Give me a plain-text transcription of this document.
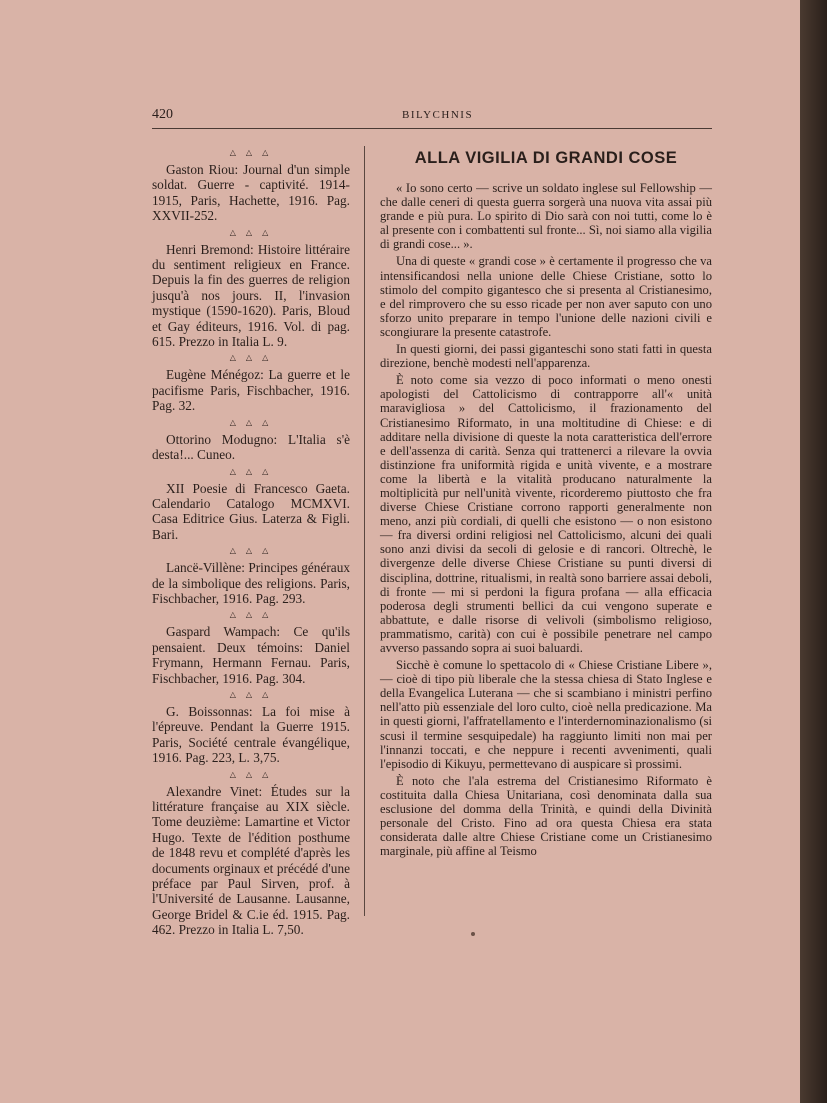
420	BILYCHNIS
△ △ △

Gaston Riou: Journal d'un simple soldat. Guerre - captivité. 1914-1915, Paris, Hachette, 1916. Pag. XXVII-252.

△ △ △

Henri Bremond: Histoire littéraire du sentiment religieux en France. Depuis la fin des guerres de religion jusqu'à nos jours. II, l'invasion mystique (1590-1620). Paris, Bloud et Gay éditeurs, 1916. Vol. di pag. 615. Prezzo in Italia L. 9.

△ △ △

Eugène Ménégoz: La guerre et le pacifisme Paris, Fischbacher, 1916. Pag. 32.

△ △ △

Ottorino Modugno: L'Italia s'è desta!... Cuneo.

△ △ △

XII Poesie di Francesco Gaeta. Calendario Catalogo MCMXVI. Casa Editrice Gius. Laterza & Figli. Bari.

△ △ △

Lancë-Villène: Principes généraux de la simbolique des religions. Paris, Fischbacher, 1916. Pag. 293.

△ △ △

Gaspard Wampach: Ce qu'ils pensaient. Deux témoins: Daniel Frymann, Hermann Fernau. Paris, Fischbacher, 1916. Pag. 304.

△ △ △

G. Boissonnas: La foi mise à l'épreuve. Pendant la Guerre 1915. Paris, Société centrale évangélique, 1916. Pag. 223, L. 3,75.

△ △ △

Alexandre Vinet: Études sur la littérature française au XIX siècle. Tome deuzième: Lamartine et Victor Hugo. Texte de l'édition posthume de 1848 revu et complété d'après les documents orginaux et précédé d'une préface par Paul Sirven, prof. à l'Université de Lausanne. Lausanne, George Bridel & C.ie éd. 1915. Pag. 462. Prezzo in Italia L. 7,50.

ALLA VIGILIA DI GRANDI COSE

« Io sono certo — scrive un soldato inglese sul Fellowship — che dalle ceneri di questa guerra sorgerà una nuova vita assai più grande e più pura. Lo spirito di Dio sarà con noi tutti, come lo è al presente con i combattenti sul fronte... Sì, noi siamo alla vigilia di grandi cose... ».

Una di queste « grandi cose » è certamente il progresso che va intensificandosi nella unione delle Chiese Cristiane, sotto lo stimolo del compito gigantesco che si presenta al Cristianesimo, e del rimprovero che su esso ricade per non aver saputo con uno sforzo unito preparare in tempo l'unione delle nazioni civili e scongiurare la presente catastrofe.

In questi giorni, dei passi giganteschi sono stati fatti in questa direzione, benchè modesti nell'apparenza.

È noto come sia vezzo di poco informati o meno onesti apologisti del Cattolicismo di contrapporre all'« unità maravigliosa » del Cattolicismo, il frazionamento del Cristianesimo Riformato, in una moltitudine di Chiese: e di additare nella divisione di queste la nota caratteristica dell'errore e dell'assenza di carità. Senza qui trattenerci a rilevare la ovvia distinzione fra uniformità rigida e unità vivente, e a mostrare come la libertà e la vitalità producano naturalmente la moltiplicità pur nell'unità vivente, ricorderemo piuttosto che fra diverse Chiese Cristiane corrono rapporti generalmente non meno, anzi più cordiali, di quelli che esistono — o non esistono — fra diversi ordini religiosi nel Cattolicismo, alcuni dei quali sono anzi divisi da secoli di gelosie e di rancori. Oltrechè, le divergenze delle diverse Chiese Cristiane su punti diversi di disciplina, dottrine, ritualismi, in realtà sono barriere assai deboli, di fronte — mi si perdoni la figura profana — alla efficacia poderosa degli strumenti bellici da cui vengono superate e abbattute, e dalle risorse di velivoli (simbolismo religioso, prammatismo, carità) con cui è possibile penetrare nel campo avverso passando sopra ai suoi baluardi.

Sicchè è comune lo spettacolo di « Chiese Cristiane Libere », — cioè di tipo più liberale che la stessa chiesa di Stato Inglese e della Evangelica Luterana — che si scambiano i ministri perfino nell'atto più essenziale del loro culto, cioè nella predicazione. Ma in questi giorni, l'affratellamento e l'interdernominazionalismo (si scusi il termine sesquipedale) ha raggiunto limiti non mai per l'innanzi toccati, e che neppure i recenti avvenimenti, quali l'episodio di Kikuyu, permettevano di auspicare sì prossimi.

È noto che l'ala estrema del Cristianesimo Riformato è costituita dalla Chiesa Unitariana, così denominata dalla sua esclusione del domma della Trinità, e quindi della Divinità personale del Cristo. Fino ad ora questa Chiesa era stata considerata dalle altre Chiese Cristiane come un Cristianesimo marginale, più affine al Teismo
